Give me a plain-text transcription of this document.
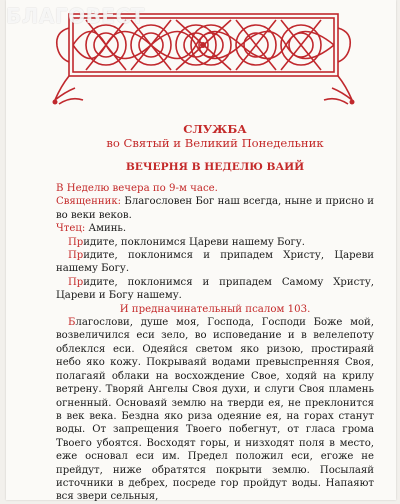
СЛУЖБА

во Святый и Великий Понедельник

ВЕЧЕРНЯ В НЕДЕЛЮ ВАИЙ

В Неделю вечера по 9-м часе.

Священник: Благословен Бог наш всегда, ныне и присно и во веки веков.

Чтец: Аминь.

Придите, поклонимся Цареви нашему Богу.

Придите, поклонимся и припадем Христу, Цареви нашему Богу.

Придите, поклонимся и припадем Самому Христу, Цареви и Богу нашему.

И предначинательный псалом 103.

Благослови, душе моя, Господа, Господи Боже мой, возвеличился еси зело, во исповедание и в велелепоту облеклся еси. Одеяйся светом яко ризою, простираяй небо яко кожу. Покрываяй водами превыспренняя Своя, полагаяй облаки на восхождение Свое, ходяй на крилу ветрену. Творяй Ангелы Своя духи, и слуги Своя пламень огненный. Основаяй землю на тверди ея, не преклонится в век века. Бездна яко риза одеяние ея, на горах станут воды. От запрещения Твоего побегнут, от гласа грома Твоего убоятся. Восходят горы, и низходят поля в место, еже основал еси им. Предел положил еси, егоже не прейдут, ниже обратятся покрыти землю. Посылаяй источники в дебрех, посреде гор пройдут воды. Напаяют вся звери сельныя,

БЛАГОВЕСТ
